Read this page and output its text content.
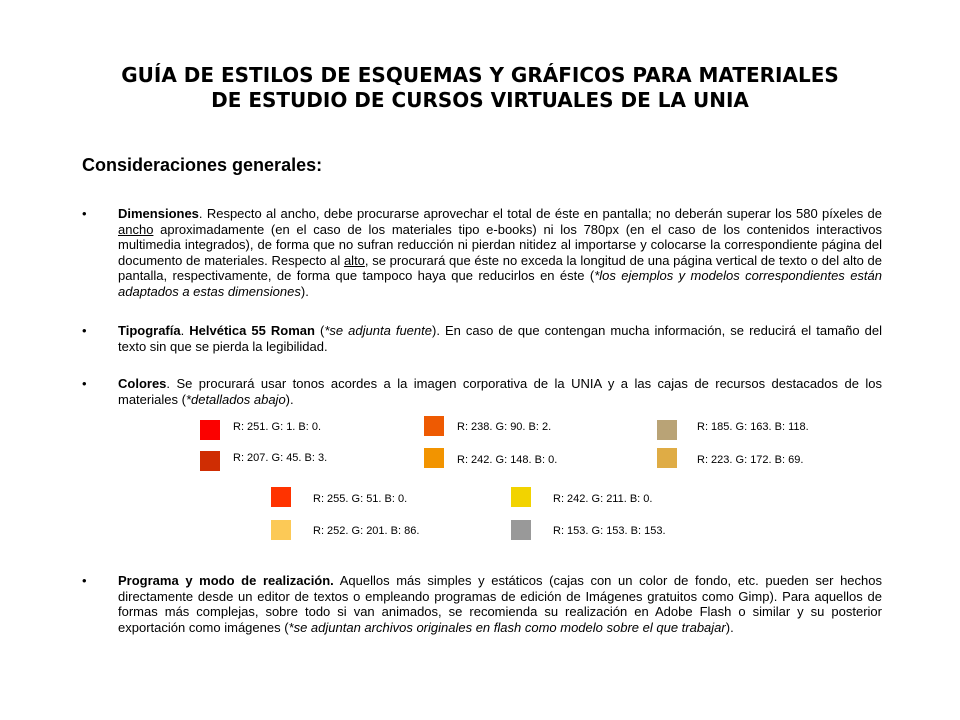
GUÍA DE ESTILOS DE ESQUEMAS Y GRÁFICOS PARA MATERIALES
DE ESTUDIO DE CURSOS VIRTUALES DE LA UNIA
Consideraciones generales:
• Dimensiones. Respecto al ancho, debe procurarse aprovechar el total de éste en pantalla; no deberán superar los 580 píxeles de ancho aproximadamente (en el caso de los materiales tipo e-books) ni los 780px (en el caso de los contenidos interactivos multimedia integrados), de forma que no sufran reducción ni pierdan nitidez al importarse y colocarse la correspondiente página del documento de materiales. Respecto al alto, se procurará que éste no exceda la longitud de una página vertical de texto o del alto de pantalla, respectivamente, de forma que tampoco haya que reducirlos en éste (*los ejemplos y modelos correspondientes están adaptados a estas dimensiones).
• Tipografía. Helvética 55 Roman (*se adjunta fuente). En caso de que contengan mucha información, se reducirá el tamaño del texto sin que se pierda la legibilidad.
• Colores. Se procurará usar tonos acordes a la imagen corporativa de la UNIA y a las cajas de recursos destacados de los materiales (*detallados abajo).
R: 251. G: 1. B: 0.
R: 207. G: 45. B: 3.
R: 238. G: 90. B: 2.
R: 242. G: 148. B: 0.
R: 185. G: 163. B: 118.
R: 223. G: 172. B: 69.
R: 255. G: 51. B: 0.
R: 252. G: 201. B: 86.
R: 242. G: 211. B: 0.
R: 153. G: 153. B: 153.
• Programa y modo de realización. Aquellos más simples y estáticos (cajas con un color de fondo, etc. pueden ser hechos directamente desde un editor de textos o empleando programas de edición de Imágenes gratuitos como Gimp). Para aquellos de formas más complejas, sobre todo si van animados, se recomienda su realización en Adobe Flash o similar y su posterior exportación como imágenes (*se adjuntan archivos originales en flash como modelo sobre el que trabajar).
